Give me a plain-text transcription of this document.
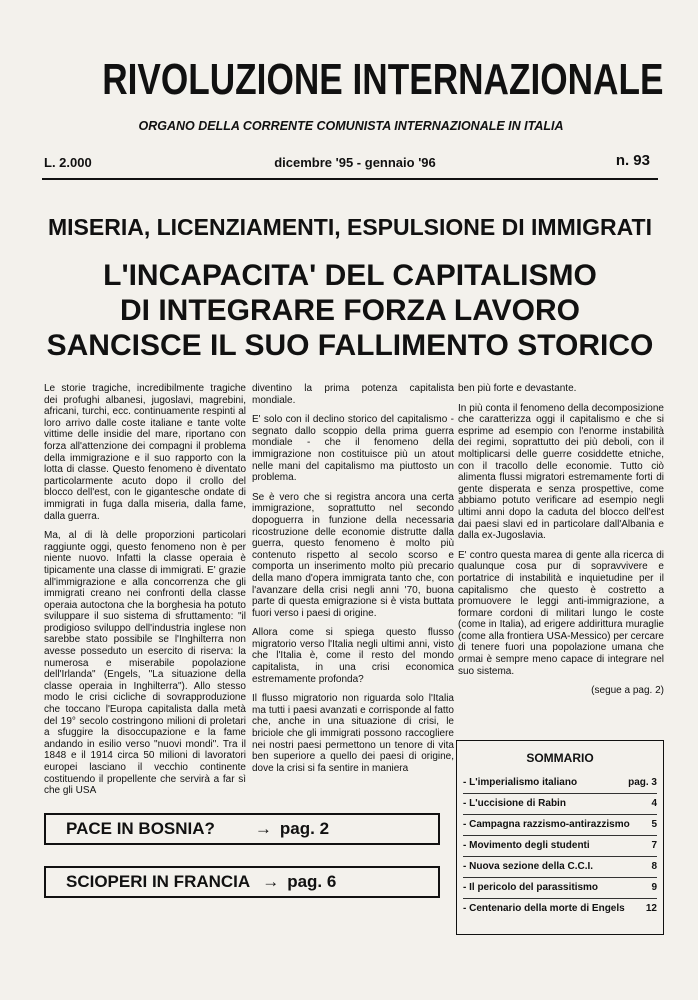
RIVOLUZIONE INTERNAZIONALE
ORGANO DELLA CORRENTE COMUNISTA INTERNAZIONALE IN ITALIA
L. 2.000	dicembre '95 - gennaio '96	n. 93
MISERIA, LICENZIAMENTI, ESPULSIONE DI IMMIGRATI
L'INCAPACITA' DEL CAPITALISMO
DI INTEGRARE FORZA LAVORO
SANCISCE IL SUO FALLIMENTO STORICO

Le storie tragiche, incredibilmente tragiche dei profughi albanesi, jugoslavi, magrebini, africani, turchi, ecc. continuamente respinti al loro arrivo dalle coste italiane e tante volte vittime delle insidie del mare, riportano con forza all'attenzione dei compagni il problema della immigrazione e il suo rapporto con la lotta di classe. Questo fenomeno è diventato particolarmente acuto dopo il crollo del blocco dell'est, con le gigantesche ondate di immigrati in fuga dalla miseria, dalla fame, dalla guerra.

Ma, al di là delle proporzioni particolari raggiunte oggi, questo fenomeno non è per niente nuovo. Infatti la classe operaia è tipicamente una classe di immigrati. E' grazie all'immigrazione e alla concorrenza che gli immigrati creano nei confronti della classe operaia autoctona che la borghesia ha potuto sviluppare il suo sistema di sfruttamento: "il prodigioso sviluppo dell'industria inglese non sarebbe stato possibile se l'Inghilterra non avesse posseduto un esercito di riserva: la numerosa e miserabile popolazione dell'Irlanda" (Engels, "La situazione della classe operaia in Inghilterra"). Allo stesso modo le crisi cicliche di sovrapproduzione che toccano l'Europa capitalista dalla metà del 19° secolo costringono milioni di proletari a sfuggire la disoccupazione e la fame andando in esilio verso "nuovi mondi". Tra il 1848 e il 1914 circa 50 milioni di lavoratori europei lasciano il vecchio continente costituendo il propellente che servirà a far sì che gli USA

diventino la prima potenza capitalista mondiale.

E' solo con il declino storico del capitalismo - segnato dallo scoppio della prima guerra mondiale - che il fenomeno della immigrazione non costituisce più un atout nelle mani del capitalismo ma piuttosto un problema.

Se è vero che si registra ancora una certa immigrazione, soprattutto nel secondo dopoguerra in funzione della necessaria ricostruzione delle economie distrutte dalla guerra, questo fenomeno è molto più contenuto rispetto al secolo scorso e comporta un inserimento molto più precario della mano d'opera immigrata tanto che, con l'avanzare della crisi negli anni '70, buona parte di questa emigrazione si è vista buttata fuori verso i paesi di origine.

Allora come si spiega questo flusso migratorio verso l'Italia negli ultimi anni, visto che l'Italia è, come il resto del mondo capitalista, in una crisi economica estremamente profonda?

Il flusso migratorio non riguarda solo l'Italia ma tutti i paesi avanzati e corrisponde al fatto che, anche in una situazione di crisi, le briciole che gli immigrati possono raccogliere nei nostri paesi permettono un tenore di vita ben superiore a quello dei paesi di origine, dove la crisi si fa sentire in maniera

ben più forte e devastante.

In più conta il fenomeno della decomposizione che caratterizza oggi il capitalismo e che si esprime ad esempio con l'enorme instabilità dei regimi, soprattutto dei più deboli, con il moltiplicarsi delle guerre cosiddette etniche, con il tracollo delle economie. Tutto ciò alimenta flussi migratori estremamente forti di gente disperata e senza prospettive, come abbiamo potuto verificare ad esempio negli ultimi anni dopo la caduta del blocco dell'est dai paesi slavi ed in particolare dall'Albania e dalla ex-Jugoslavia.

E' contro questa marea di gente alla ricerca di qualunque cosa pur di sopravvivere e portatrice di instabilità e inquietudine per il capitalismo che questo è costretto a promuovere le leggi anti-immigrazione, a formare cordoni di militari lungo le coste (come in Italia), ad erigere addirittura muraglie (come alla frontiera USA-Messico) per cercare di tenere fuori una popolazione umana che ormai è sempre meno capace di integrare nel suo sistema.

(segue a pag. 2)
PACE IN BOSNIA? → pag. 2
SCIOPERI IN FRANCIA → pag. 6
SOMMARIO
- L'imperialismo italiano	pag. 3
- L'uccisione di Rabin	4
- Campagna razzismo-antirazzismo 5
- Movimento degli studenti	7
- Nuova sezione della C.C.I.	8
- Il pericolo del parassitismo	9
- Centenario della morte di Engels 12
